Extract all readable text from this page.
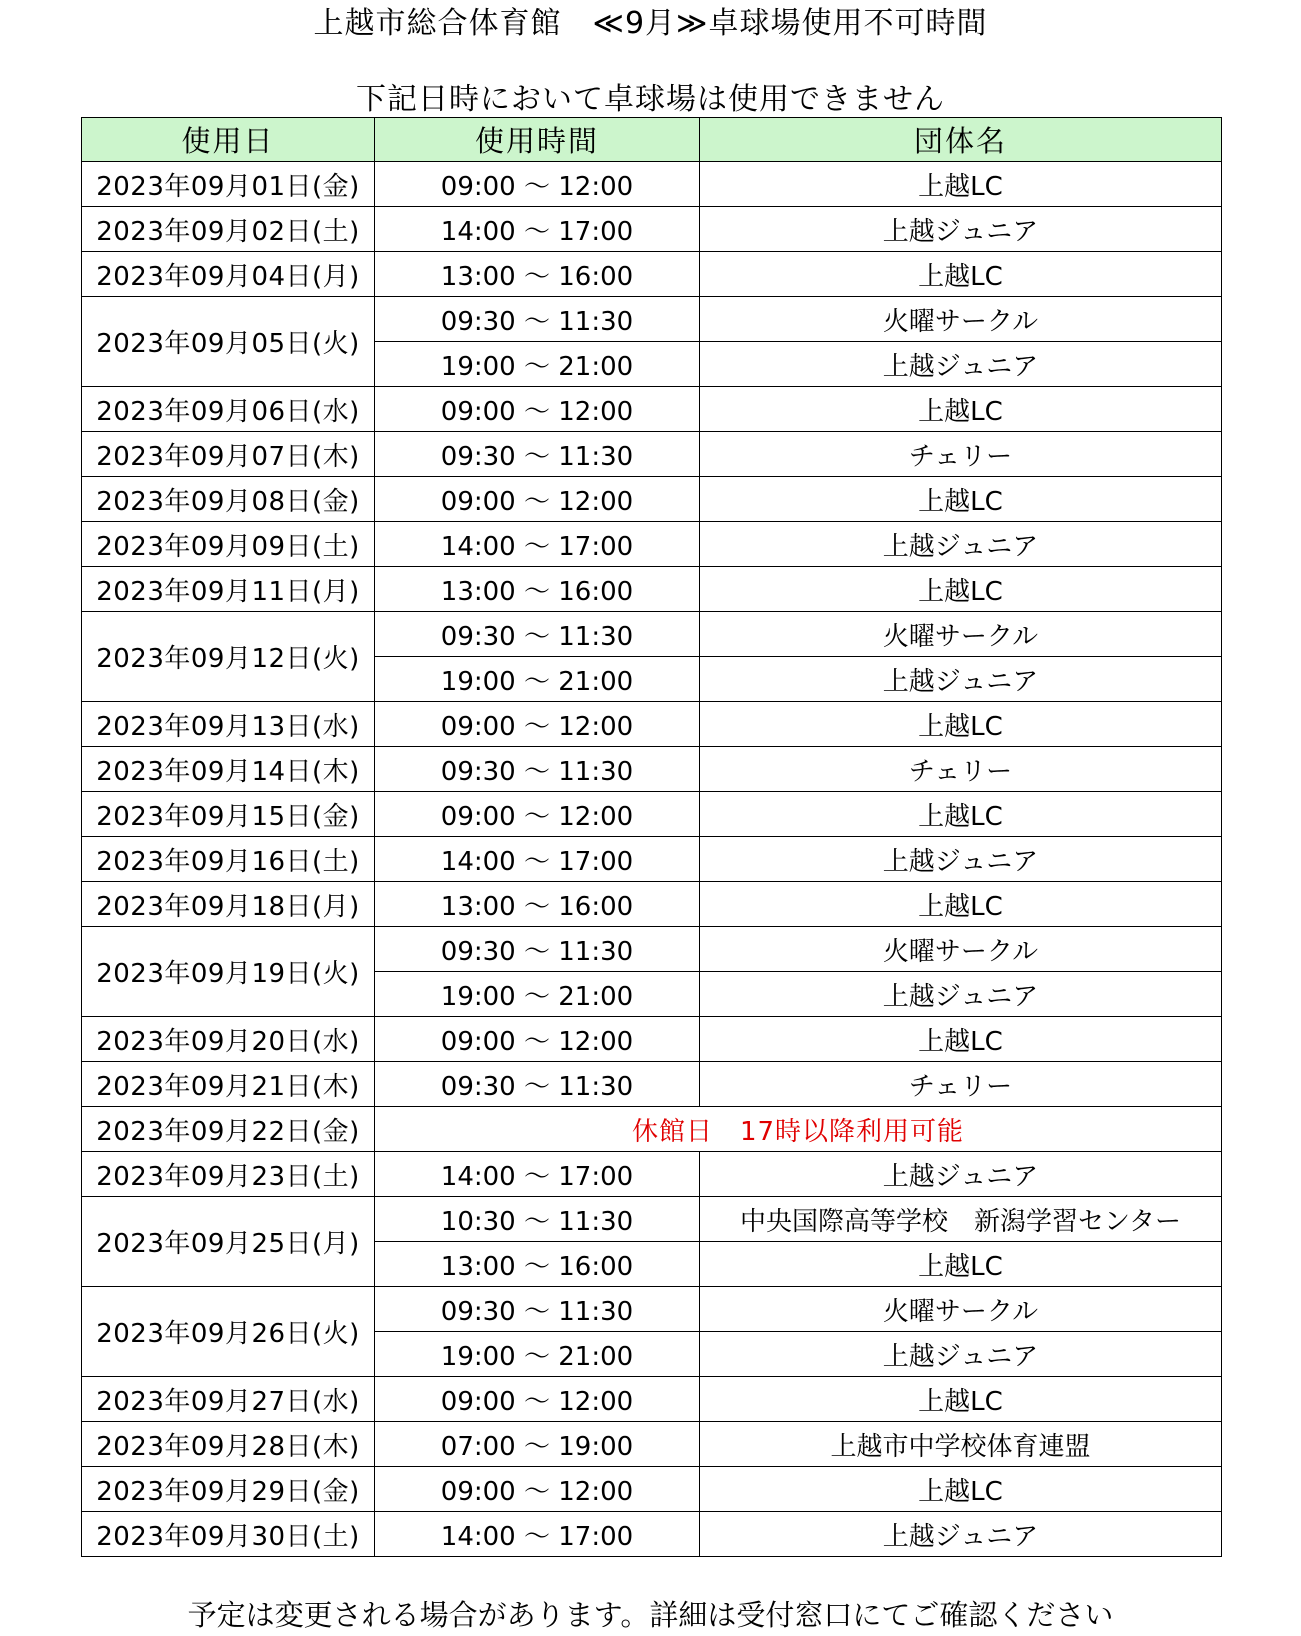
上越市総合体育館　≪9月≫卓球場使用不可時間
下記日時において卓球場は使用できません
使用日	使用時間	団体名
2023年09月01日(金)	09:00 ～ 12:00	上越LC
2023年09月02日(土)	14:00 ～ 17:00	上越ジュニア
2023年09月04日(月)	13:00 ～ 16:00	上越LC
2023年09月05日(火)	09:30 ～ 11:30	火曜サークル
	19:00 ～ 21:00	上越ジュニア
2023年09月06日(水)	09:00 ～ 12:00	上越LC
2023年09月07日(木)	09:30 ～ 11:30	チェリー
2023年09月08日(金)	09:00 ～ 12:00	上越LC
2023年09月09日(土)	14:00 ～ 17:00	上越ジュニア
2023年09月11日(月)	13:00 ～ 16:00	上越LC
2023年09月12日(火)	09:30 ～ 11:30	火曜サークル
	19:00 ～ 21:00	上越ジュニア
2023年09月13日(水)	09:00 ～ 12:00	上越LC
2023年09月14日(木)	09:30 ～ 11:30	チェリー
2023年09月15日(金)	09:00 ～ 12:00	上越LC
2023年09月16日(土)	14:00 ～ 17:00	上越ジュニア
2023年09月18日(月)	13:00 ～ 16:00	上越LC
2023年09月19日(火)	09:30 ～ 11:30	火曜サークル
	19:00 ～ 21:00	上越ジュニア
2023年09月20日(水)	09:00 ～ 12:00	上越LC
2023年09月21日(木)	09:30 ～ 11:30	チェリー
2023年09月22日(金)	休館日　17時以降利用可能	
2023年09月23日(土)	14:00 ～ 17:00	上越ジュニア
2023年09月25日(月)	10:30 ～ 11:30	中央国際高等学校　新潟学習センター
	13:00 ～ 16:00	上越LC
2023年09月26日(火)	09:30 ～ 11:30	火曜サークル
	19:00 ～ 21:00	上越ジュニア
2023年09月27日(水)	09:00 ～ 12:00	上越LC
2023年09月28日(木)	07:00 ～ 19:00	上越市中学校体育連盟
2023年09月29日(金)	09:00 ～ 12:00	上越LC
2023年09月30日(土)	14:00 ～ 17:00	上越ジュニア
予定は変更される場合があります。詳細は受付窓口にてご確認ください
